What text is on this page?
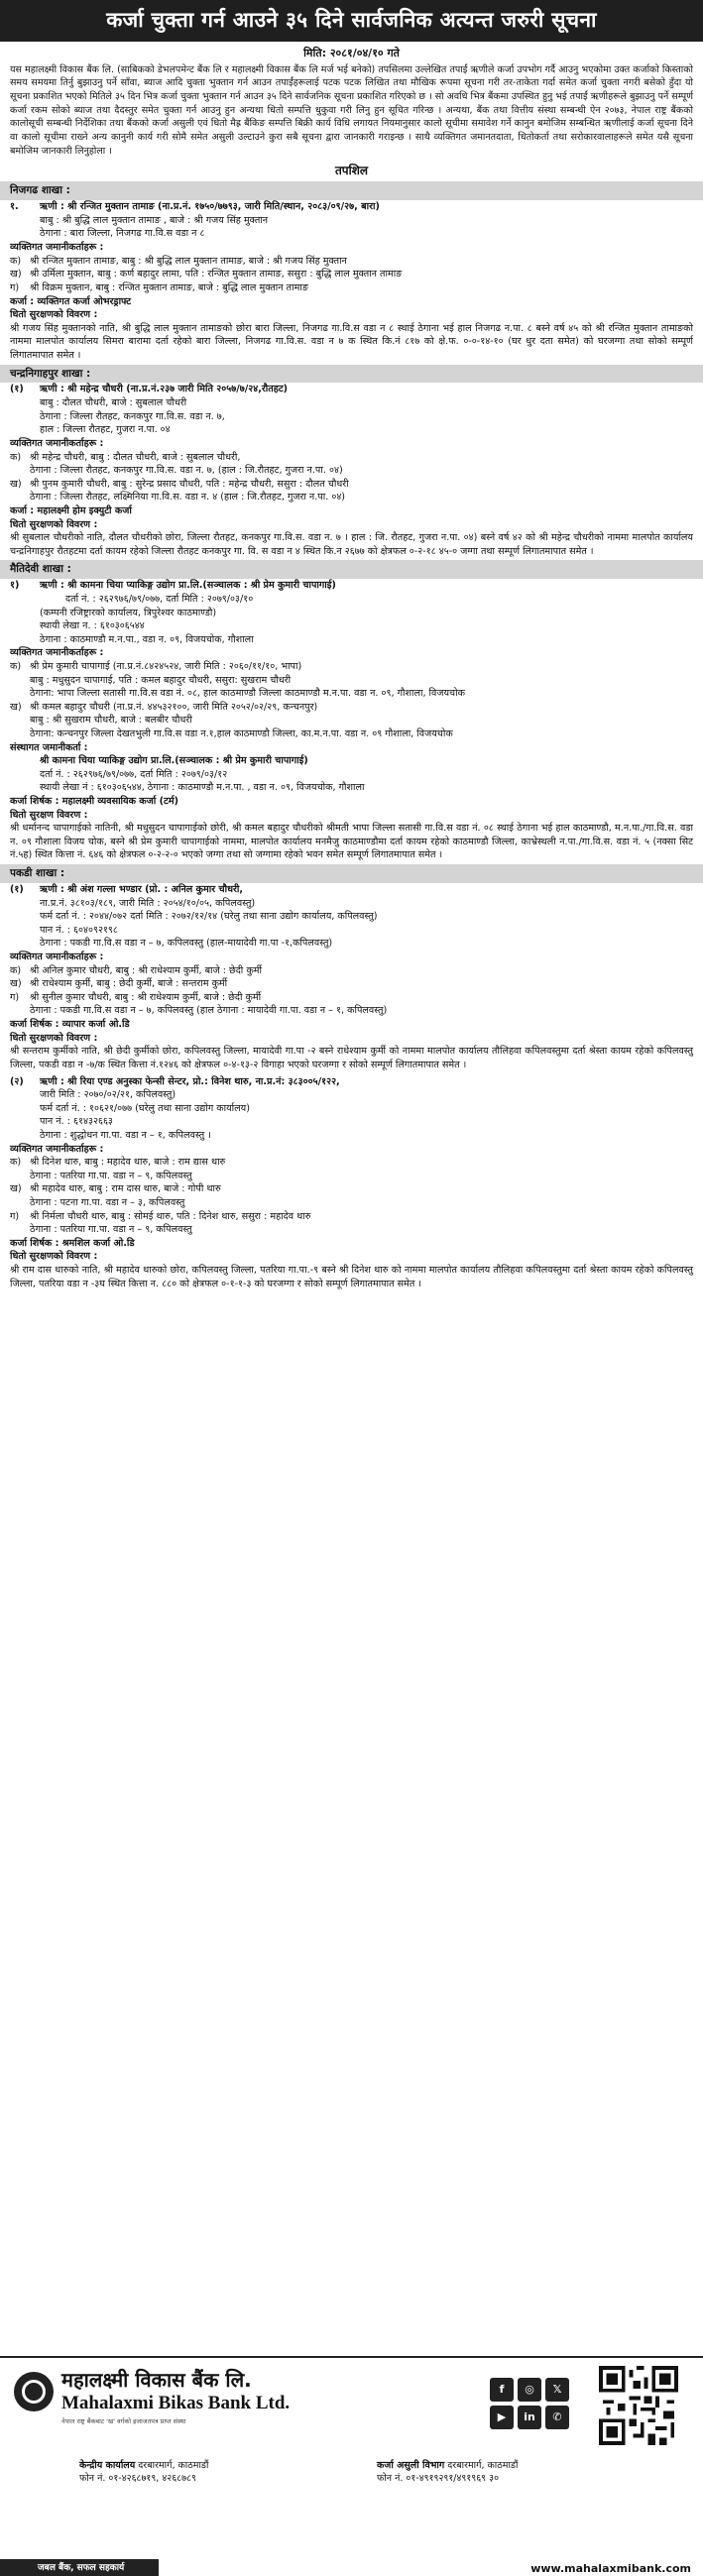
कर्जा चुक्ता गर्न आउने ३५ दिने सार्वजनिक अत्यन्त जरुरी सूचना
मिति: २०८१/०४/१० गते
यस महालक्ष्मी विकास बैंक लि. (साबिकको डेभलपमेन्ट बैंक लि र महालक्ष्मी विकास बैंक लि मर्ज भई बनेको) तपसिलमा उल्लेखित तपाईं ऋणीले कर्जा उपभोग गर्दै आउनु भएकोमा उक्त कर्जाको किस्ताको समय समयमा तिर्नु बुझाउनु पर्ने साँवा, ब्याज आदि चुक्ता भुक्तान गर्न आउन तपाईंहरूलाई पटक पटक लिखित तथा मौखिक रूपमा सूचना गरी तर-ताकेता गर्दा समेत कर्जा चुक्ता नगरी बसेको हुँदा यो सूचना प्रकाशित भएको मितिले ३५ दिन भित्र कर्जा चुक्ता भुक्तान गर्न आउन ३५ दिने सार्वजनिक सूचना प्रकाशित गरिएको छ । सो अवधि भित्र बैंकमा उपस्थित हुनु भई तपाईं ऋणीहरूले बुझाउनु पर्ने सम्पूर्ण कर्जा रकम सोको ब्याज तथा दैदस्तुर समेत चुक्ता गर्न आउनु हुन अन्यथा धितो सम्पत्ति धुकुवा गरी लिनु हुन सूचित गरिन्छ । अन्यथा, बैंक तथा वित्तीय संस्था सम्बन्धी ऐन २०७३, नेपाल राष्ट्र बैंकको कालोसूची सम्बन्धी निर्देशिका तथा बैंकको कर्जा असुली एवं धितो मैह्र बैंकिङ सम्पत्ति बिक्री कार्य विधि लगायत नियमानुसार कालो सूचीमा समावेश गर्ने कानुन बमोजिम सम्बन्धित ऋणीलाई कर्जा सूचना दिने वा कालो सूचीमा राख्ने अन्य कानुनी कार्य गरी सोमै समेत असुली उल्टाउने कुरा सबै सूचना द्वारा जानकारी गराइन्छ । साथै व्यक्तिगत जमानतदाता, धितोकर्ता तथा सरोकारवालाहरूले समेत यसै सूचना बमोजिम जानकारी लिनुहोला ।
तपशिल
निजगढ शाखा :
१.	ऋणी : श्री रन्जित मुक्तान तामाङ (ना.प्र.नं. १७५०/७७९३, जारी मिति/स्थान, २०८३/०९/२७, बारा)
बाबु : श्री बुद्धि लाल मुक्तान तामाङ , बाजे : श्री गजय सिंह मुक्तान
ठेगाना : बारा जिल्ला, निजगढ गा.वि.स वडा न ८
व्यक्तिगत जमानीकर्ताहरू :
क) श्री रन्जित मुक्तान तामाङ, बाबु : श्री बुद्धि लाल मुक्तान तामाङ, बाजे : श्री गजय सिंह मुक्तान
ख) श्री उर्मिला मुक्तान, बाबु : कर्ण बहादुर लामा, पति : रन्जित मुक्तान तामाङ, ससुरा : बुद्धि लाल मुक्तान तामाङ
ग)	श्री विक्रम मुक्तान, बाबु : रन्जित मुक्तान तामाङ, बाजे : बुद्धि लाल मुक्तान तामाङ
कर्जा : व्यक्तिगत कर्जा ओभरड्राफ्ट
धितो सुरक्षणको विवरण :
श्री गजय सिंह मुक्तानको नाति, श्री बुद्धि लाल मुक्तान तामाङको छोरा बारा जिल्ला, निजगढ गा.वि.स वडा न ८ स्थाई ठेगाना भई हाल निजगढ न.पा. ८ बस्ने वर्ष ४५ को श्री रन्जित मुक्तान तामाङको नाममा मालपोत कार्यालय सिमरा बारामा दर्ता रहेको बारा जिल्ला, निजगढ गा.वि.स. वडा न ७ क स्थित कि.नं ८१७ को क्षे.फ. ०-०-१४-१० (घर धुर दता समेत) को घरजग्गा तथा सोको सम्पूर्ण लिगातमापात समेत ।
चन्द्रनिगाहपुर शाखा :
(१)	ऋणी : श्री महेन्द्र चौधरी (ना.प्र.नं.२३७ जारी मिति २०५७/७/२४,रौतहट)
बाबु : दौलत चौधरी, बाजे : सुबलाल चौधरी
ठेगाना : जिल्ला रौतहट, कनकपुर गा.वि.स. वडा न. ७,
हाल : जिल्ला रौतहट, गुजरा न.पा. ०४
व्यक्तिगत जमानीकर्ताहरू :
क) श्री महेन्द्र चौधरी, बाबु : दौलत चौधरी, बाजे : सुबलाल चौधरी,
ठेगाना : जिल्ला रौतहट, कनकपुर गा.वि.स. वडा न. ७, (हाल : जि.रौतहट, गुजरा न.पा. ०४)
ख) श्री पुनम कुमारी चौधरी, बाबु : सुरेन्द्र प्रसाद चौधरी, पति : महेन्द्र चौधरी, ससुरा : दौलत चौधरी
ठेगाना : जिल्ला रौतहट, लक्ष्मिनिया गा.वि.स. वडा न. ४ (हाल : जि.रौतहट, गुजरा न.पा. ०४)
कर्जा : महालक्ष्मी होम इक्युटी कर्जा
धितो सुरक्षणको विवरण :
श्री सुबलाल चौधरीको नाति, दौलत चौधरीको छोरा, जिल्ला रौतहट, कनकपुर गा.वि.स. वडा न. ७ । हाल : जि. रौतहट, गुजरा न.पा. ०४) बस्ने वर्ष ४२ को श्री महेन्द्र चौधरीको नाममा मालपोत कार्यालय चन्द्रनिगाहपुर रौतहटमा दर्ता कायम रहेको जिल्ला रौतहट कनकपुर गा. वि. स वडा न ४ स्थित कि.न २६७७ को क्षेत्रफल ०-२-१८ ४५-० जग्गा तथा सम्पूर्ण लिगातमापात समेत ।
मैतिदेवी शाखा :
१)	ऋणी : श्री कामना चिया प्याकिङ्ग उद्योग प्रा.लि.(सञ्चालक : श्री प्रेम कुमारी चापागाई)
दर्ता नं. : २६२९७६/७९/०७७, दर्ता मिति : २०७९/०३/१०
(कम्पनी रजिष्ट्रारको कार्यालय, त्रिपुरेश्वर काठमाण्डौ)
स्थायी लेखा न. : ६१०३०६५४४
ठेगाना : काठमाण्डौ म.न.पा., वडा न. ०९, विजयचोक, गौशाला
व्यक्तिगत जमानीकर्ताहरू :
क) श्री प्रेम कुमारी चापागाई (ना.प्र.नं.८४२४५२४, जारी मिति : २०६०/११/१०, भापा)
बाबु : मधुसुदन चापागाई, पति : कमल बहादुर चौधरी, ससुरा: सुखराम चौधरी
ठेगाना: भापा जिल्ला सतासी गा.वि.स वडा नं. ०८, हाल काठमाण्डौ जिल्ला काठमाण्डौ म.न.पा. वडा न. ०९, गौशाला, विजयचोक
ख) श्री कमल बहादुर चौधरी (ना.प्र.नं. ४४५३२१००, जारी मिति २०५२/०२/२९, कन्चनपुर)
बाबु : श्री सुखराम चौधरी, बाजे : बलबीर चौधरी
ठेगाना: कन्चनपुर जिल्ला देखतभुली गा.वि.स वडा न.१,हाल काठमाण्डौ जिल्ला, का.म.न.पा. वडा न. ०९ गौशाला, विजयचोक
संस्थागत जमानीकर्ता :
श्री कामना चिया प्याकिङ्ग उद्योग प्रा.लि.(सञ्चालक : श्री प्रेम कुमारी चापागाई)
दर्ता नं. : २६२९७६/७९/०७७, दर्ता मिति : २०७९/०३/१२
स्थायी लेखा नं : ६१०३०६५४४, ठेगाना : काठमाण्डौ म.न.पा. , वडा न. ०९, विजयचोक, गौशाला
कर्जा शिर्षक : महालक्ष्मी व्यवसायिक कर्जा (टर्म)
धितो सुरक्षण विवरण :
श्री धर्मानन्द चापागाईको नातिनी, श्री मधुसुदन चापागाईको छोरी, श्री कमल बहादुर चौधरीको श्रीमती भापा जिल्ला सतासी गा.वि.स वडा नं. ०८ स्थाई ठेगाना भई हाल काठमाण्डौ, म.न.पा./गा.वि.स. वडा न. ०९ गौशाला विजय चोक, बस्ने श्री प्रेम कुमारी चापागाईको नाममा, मालपोत कार्यालय मनमैजु काठमाण्डौमा दर्ता कायम रहेको काठमाण्डौ जिल्ला, काभ्रेस्थली न.पा./गा.वि.स. वडा नं. ५ (नक्सा सिट नं.५ह) स्थित कित्ता नं. ६४६ को क्षेत्रफल ०-२-२-० भएको जग्गा तथा सो जग्गामा रहेको भवन समेत सम्पूर्ण लिगातमापात समेत ।
पकडी शाखा :
(१)	ऋणी : श्री अंश गल्ला भण्डार (प्रो. : अनिल कुमार चौधरी,
ना.प्र.नं. ३८१०३/१८९, जारी मिति : २०५४/१०/०५, कपिलवस्तु)
फर्म दर्ता नं. : २०४४/०७२ दर्ता मिति : २०७२/१२/१४ (घरेलु तथा साना उद्योग कार्यालय, कपिलवस्तु)
पान नं. : ६०४०९२१९८
ठेगाना : पकडी गा.वि.स वडा न – ७, कपिलवस्तु (हाल-मायादेवी गा.पा -१,कपिलवस्तु)
व्यक्तिगत जमानीकर्ताहरू :
क) श्री अनिल कुमार चौधरी, बाबु : श्री राधेश्याम कुर्मी, बाजे : छेदी कुर्मी
ख) श्री राधेश्याम कुर्मी, बाबु : छेदी कुर्मी, बाजे : सन्तराम कुर्मी
ग)	श्री सुनील कुमार चौधरी, बाबु : श्री राधेश्याम कुर्मी, बाजे : छेदी कुर्मी
ठेगाना : पकडी गा.वि.स वडा न – ७, कपिलवस्तु (हाल ठेगाना : मायादेवी गा.पा. वडा न – १, कपिलवस्तु)
कर्जा शिर्षक : व्यापार कर्जा ओ.डि
धितो सुरक्षणको विवरण :
श्री सन्तराम कुर्मीको नाति, श्री छेदी कुर्मीको छोरा, कपिलवस्तु जिल्ला, मायादेवी गा.पा -२ बस्ने राधेश्याम कुर्मी को नाममा मालपोत कार्यालय तौलिहवा कपिलवस्तुमा दर्ता श्रेस्ता कायम रहेको कपिलवस्तु जिल्ला, पकडी वडा न -७/क स्थित कित्ता नं.१२४६ को क्षेत्रफल ०-४-१३-२ विगाहा भएको घरजग्गा र सोको सम्पूर्ण लिगातमापात समेत ।
(२)	ऋणी : श्री रिया एण्ड अनुस्का फेन्सी सेन्टर, प्रो.: विनेश थारु, ना.प्र.नं: ३८३००५/१२२,
जारी मिति : २०७०/०२/२१, कपिलवस्तु)
फर्म दर्ता नं. : १०६२१/०७७ (घरेलु तथा साना उद्योग कार्यालय)
पान नं. : ६१४३२६६३
ठेगाना : शुद्धोधन गा.पा. वडा न – १, कपिलवस्तु ।
व्यक्तिगत जमानीकर्ताहरू :
क) श्री दिनेश थारु, बाबु : महादेव थारु, बाजे : राम द्यास थारु
ठेगाना : पतरिया गा.पा. वडा न – ९, कपिलवस्तु
ख) श्री महादेव थारु, बाबु : राम दास थारु, बाजे : गोपी थारु
ठेगाना : पटना गा.पा. वडा न – ३, कपिलवस्तु
ग)	श्री निर्मला चौधरी थारु, बाबु : सोमई थारु, पति : दिनेश थारु, ससुरा : महादेव थारु
ठेगाना : पतरिया गा.पा. वडा न – ९, कपिलवस्तु
कर्जा शिर्षक : श्रमशिल कर्जा ओ.डि
धितो सुरक्षणको विवरण :
श्री राम दास थारुको नाति, श्री महादेव थारुको छोरा, कपिलवस्तु जिल्ला, पतरिया गा.पा.-९ बस्ने श्री दिनेश थारु को नाममा मालपोत कार्यालय तौलिहवा कपिलवस्तुमा दर्ता श्रेस्ता कायम रहेको कपिलवस्तु जिल्ला, पतरिया वडा न -३घ स्थित कित्ता न. ८८० को क्षेत्रफल ०-१-१-३ को घरजग्गा र सोको सम्पूर्ण लिगातमापात समेत ।
महालक्ष्मी विकास बैंक लि.
Mahalaxmi Bikas Bank Ltd.
नेपाल राष्ट्र बैंकबाट 'ख' वर्गको इजाजतपत्र प्राप्त संस्था
f	◎	𝕏
▶	in	✆
केन्द्रीय कार्यालय दरबारमार्ग, काठमाडौं
फोन नं. ०१-४२६८७१९, ४२६८७८९
कर्जा असुली विभाग दरबारमार्ग, काठमाडौं
फोन नं. ०१-४९१९२९१/४९१९६९ ३०
जबल बैंक, सफल सहकार्य	www.mahalaxmibank.com
